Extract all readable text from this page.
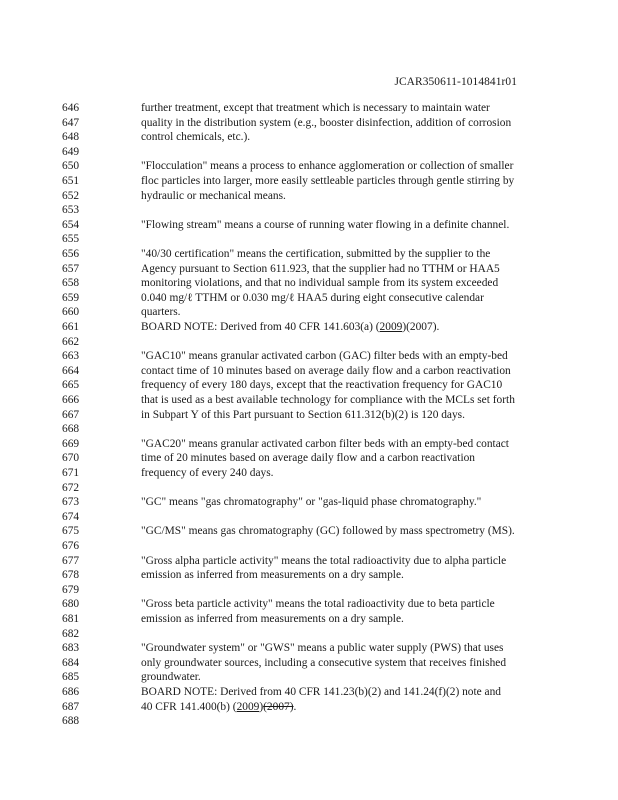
JCAR350611-1014841r01
646	further treatment, except that treatment which is necessary to maintain water
647	quality in the distribution system (e.g., booster disinfection, addition of corrosion
648	control chemicals, etc.).
649
650	"Flocculation" means a process to enhance agglomeration or collection of smaller
651	floc particles into larger, more easily settleable particles through gentle stirring by
652	hydraulic or mechanical means.
653
654	"Flowing stream" means a course of running water flowing in a definite channel.
655
656	"40/30 certification" means the certification, submitted by the supplier to the
657	Agency pursuant to Section 611.923, that the supplier had no TTHM or HAA5
658	monitoring violations, and that no individual sample from its system exceeded
659	0.040 mg/ℓ TTHM or 0.030 mg/ℓ HAA5 during eight consecutive calendar
660	quarters.
661	BOARD NOTE: Derived from 40 CFR 141.603(a) (2009)(2007).
662
663	"GAC10" means granular activated carbon (GAC) filter beds with an empty-bed
664	contact time of 10 minutes based on average daily flow and a carbon reactivation
665	frequency of every 180 days, except that the reactivation frequency for GAC10
666	that is used as a best available technology for compliance with the MCLs set forth
667	in Subpart Y of this Part pursuant to Section 611.312(b)(2) is 120 days.
668
669	"GAC20" means granular activated carbon filter beds with an empty-bed contact
670	time of 20 minutes based on average daily flow and a carbon reactivation
671	frequency of every 240 days.
672
673	"GC" means "gas chromatography" or "gas-liquid phase chromatography."
674
675	"GC/MS" means gas chromatography (GC) followed by mass spectrometry (MS).
676
677	"Gross alpha particle activity" means the total radioactivity due to alpha particle
678	emission as inferred from measurements on a dry sample.
679
680	"Gross beta particle activity" means the total radioactivity due to beta particle
681	emission as inferred from measurements on a dry sample.
682
683	"Groundwater system" or "GWS" means a public water supply (PWS) that uses
684	only groundwater sources, including a consecutive system that receives finished
685	groundwater.
686	BOARD NOTE: Derived from 40 CFR 141.23(b)(2) and 141.24(f)(2) note and
687	40 CFR 141.400(b) (2009)(2007).
688
